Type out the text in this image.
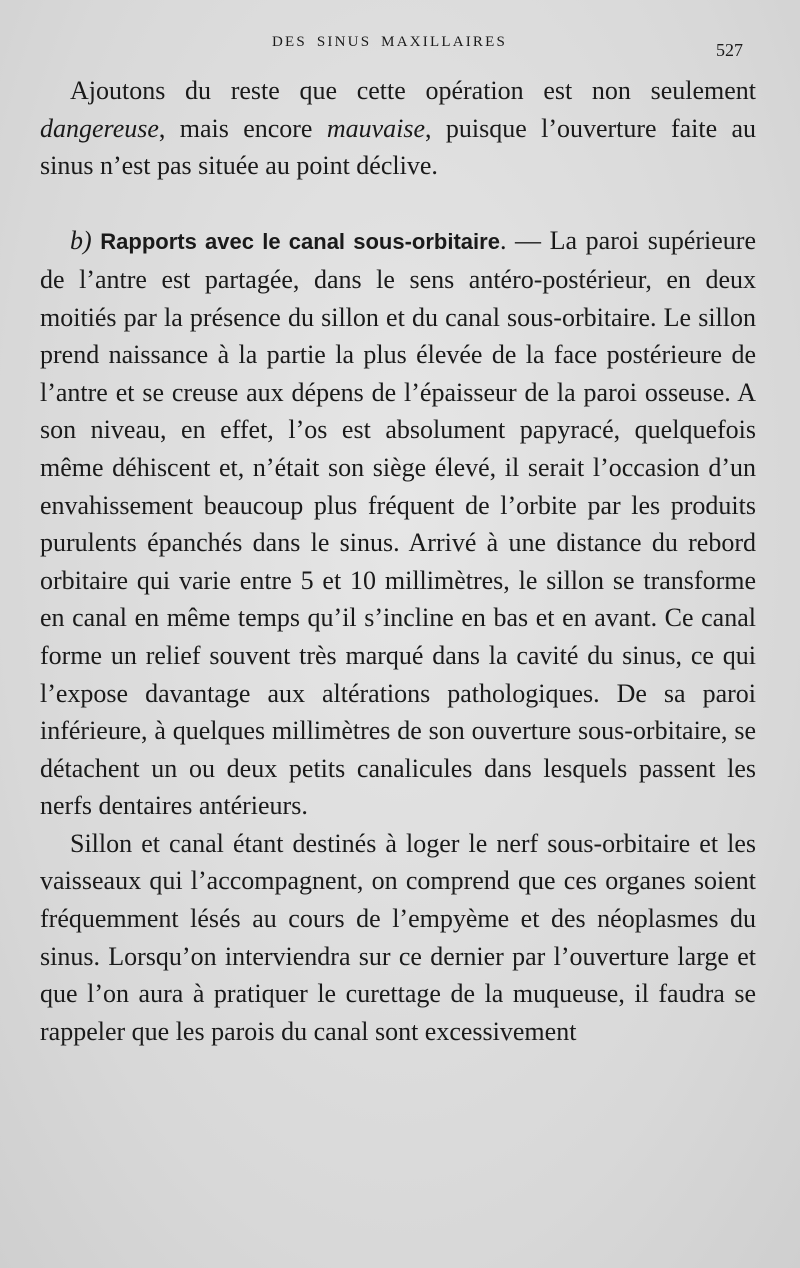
DES SINUS MAXILLAIRES	527

Ajoutons du reste que cette opération est non seulement dangereuse, mais encore mauvaise, puisque l’ouverture faite au sinus n’est pas située au point déclive.

b) Rapports avec le canal sous-orbitaire. — La paroi supérieure de l’antre est partagée, dans le sens antéro-postérieur, en deux moitiés par la présence du sillon et du canal sous-orbitaire. Le sillon prend naissance à la partie la plus élevée de la face postérieure de l’antre et se creuse aux dépens de l’épaisseur de la paroi osseuse. A son niveau, en effet, l’os est absolument papyracé, quelquefois même déhiscent et, n’était son siège élevé, il serait l’occasion d’un envahissement beaucoup plus fréquent de l’orbite par les produits purulents épanchés dans le sinus. Arrivé à une distance du rebord orbitaire qui varie entre 5 et 10 millimètres, le sillon se transforme en canal en même temps qu’il s’incline en bas et en avant. Ce canal forme un relief souvent très marqué dans la cavité du sinus, ce qui l’expose davantage aux altérations pathologiques. De sa paroi inférieure, à quelques millimètres de son ouverture sous-orbitaire, se détachent un ou deux petits canalicules dans lesquels passent les nerfs dentaires antérieurs.

Sillon et canal étant destinés à loger le nerf sous-orbitaire et les vaisseaux qui l’accompagnent, on comprend que ces organes soient fréquemment lésés au cours de l’empyème et des néoplasmes du sinus. Lorsqu’on interviendra sur ce dernier par l’ouverture large et que l’on aura à pratiquer le curettage de la muqueuse, il faudra se rappeler que les parois du canal sont excessivement
